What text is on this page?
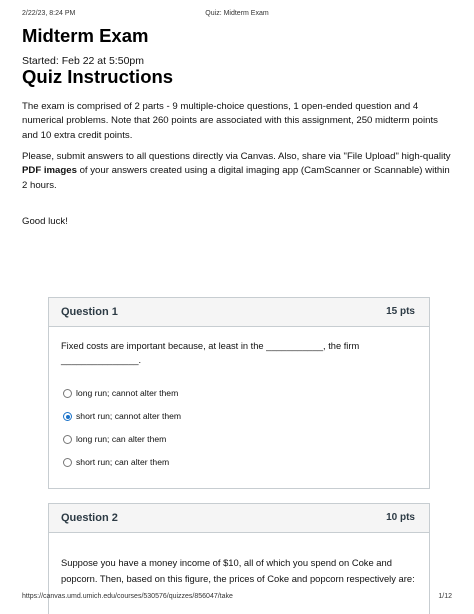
2/22/23, 8:24 PM	Quiz: Midterm Exam
Midterm Exam
Started: Feb 22 at 5:50pm
Quiz Instructions

The exam is comprised of 2 parts - 9 multiple-choice questions, 1 open-ended question and 4 numerical problems. Note that 260 points are associated with this assignment, 250 midterm points and 10 extra credit points.

Please, submit answers to all questions directly via Canvas. Also, share via "File Upload" high-quality PDF images of your answers created using a digital imaging app (CamScanner or Scannable) within 2 hours.

Good luck!

Question 1	15 pts
Fixed costs are important because, at least in the ___________, the firm _______________.
long run; cannot alter them
short run; cannot alter them
long run; can alter them
short run; can alter them
Question 2	10 pts
Suppose you have a money income of $10, all of which you spend on Coke and popcorn. Then, based on this figure, the prices of Coke and popcorn respectively are:
https://canvas.umd.umich.edu/courses/530576/quizzes/856047/take	1/12
